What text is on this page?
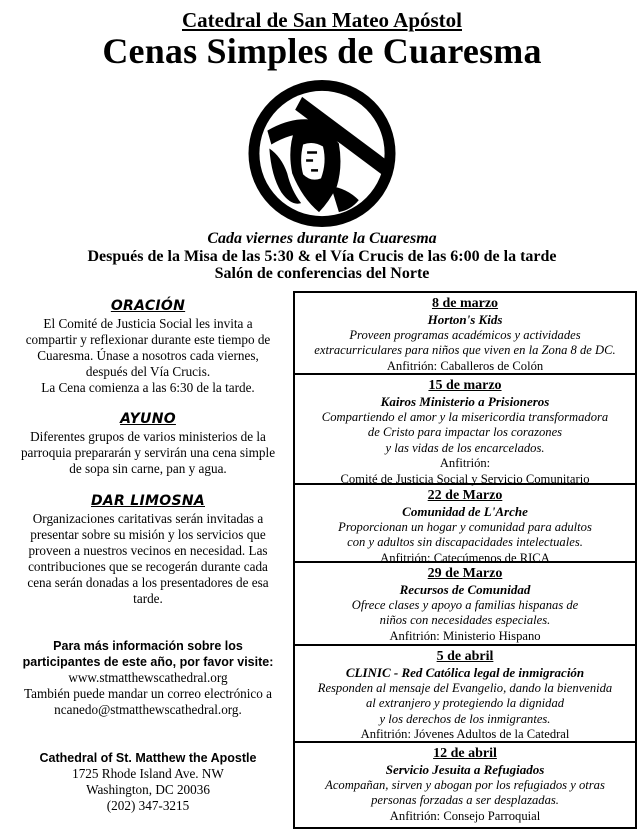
Catedral de San Mateo Apóstol
Cenas Simples de Cuaresma
Cada viernes durante la Cuaresma
Después de la Misa de las 5:30 & el Vía Crucis de las 6:00 de la tarde
Salón de conferencias del Norte
ORACIÓN
El Comité de Justicia Social les invita a compartir y reflexionar durante este tiempo de Cuaresma. Únase a nosotros cada viernes, después del Vía Crucis.
La Cena comienza a las 6:30 de la tarde.
AYUNO
Diferentes grupos de varios ministerios de la parroquia prepararán y servirán una cena simple de sopa sin carne, pan y agua.
DAR LIMOSNA
Organizaciones caritativas serán invitadas a presentar sobre su misión y los servicios que proveen a nuestros vecinos en necesidad. Las contribuciones que se recogerán durante cada cena serán donadas a los presentadores de esa tarde.
Para más información sobre los participantes de este año, por favor visite:
www.stmatthewscathedral.org
También puede mandar un correo electrónico a
ncanedo@stmatthewscathedral.org.
Cathedral of St. Matthew the Apostle
1725 Rhode Island Ave. NW
Washington, DC 20036
(202) 347-3215
8 de marzo
Horton's Kids
Proveen programas académicos y actividades
extracurriculares para niños que viven en la Zona 8 de DC.
Anfitrión: Caballeros de Colón
15 de marzo
Kairos Ministerio a Prisioneros
Compartiendo el amor y la misericordia transformadora
de Cristo para impactar los corazones
y las vidas de los encarcelados.
Anfitrión:
Comité de Justicia Social y Servicio Comunitario
22 de Marzo
Comunidad de L'Arche
Proporcionan un hogar y comunidad para adultos
con y adultos sin discapacidades intelectuales.
Anfitrión: Catecúmenos de RICA
29 de Marzo
Recursos de Comunidad
Ofrece clases y apoyo a familias hispanas de
niños con necesidades especiales.
Anfitrión: Ministerio Hispano
5 de abril
CLINIC - Red Católica legal de inmigración
Responden al mensaje del Evangelio, dando la bienvenida
al extranjero y protegiendo la dignidad
y los derechos de los inmigrantes.
Anfitrión: Jóvenes Adultos de la Catedral
12 de abril
Servicio Jesuita a Refugiados
Acompañan, sirven y abogan por los refugiados y otras
personas forzadas a ser desplazadas.
Anfitrión: Consejo Parroquial
